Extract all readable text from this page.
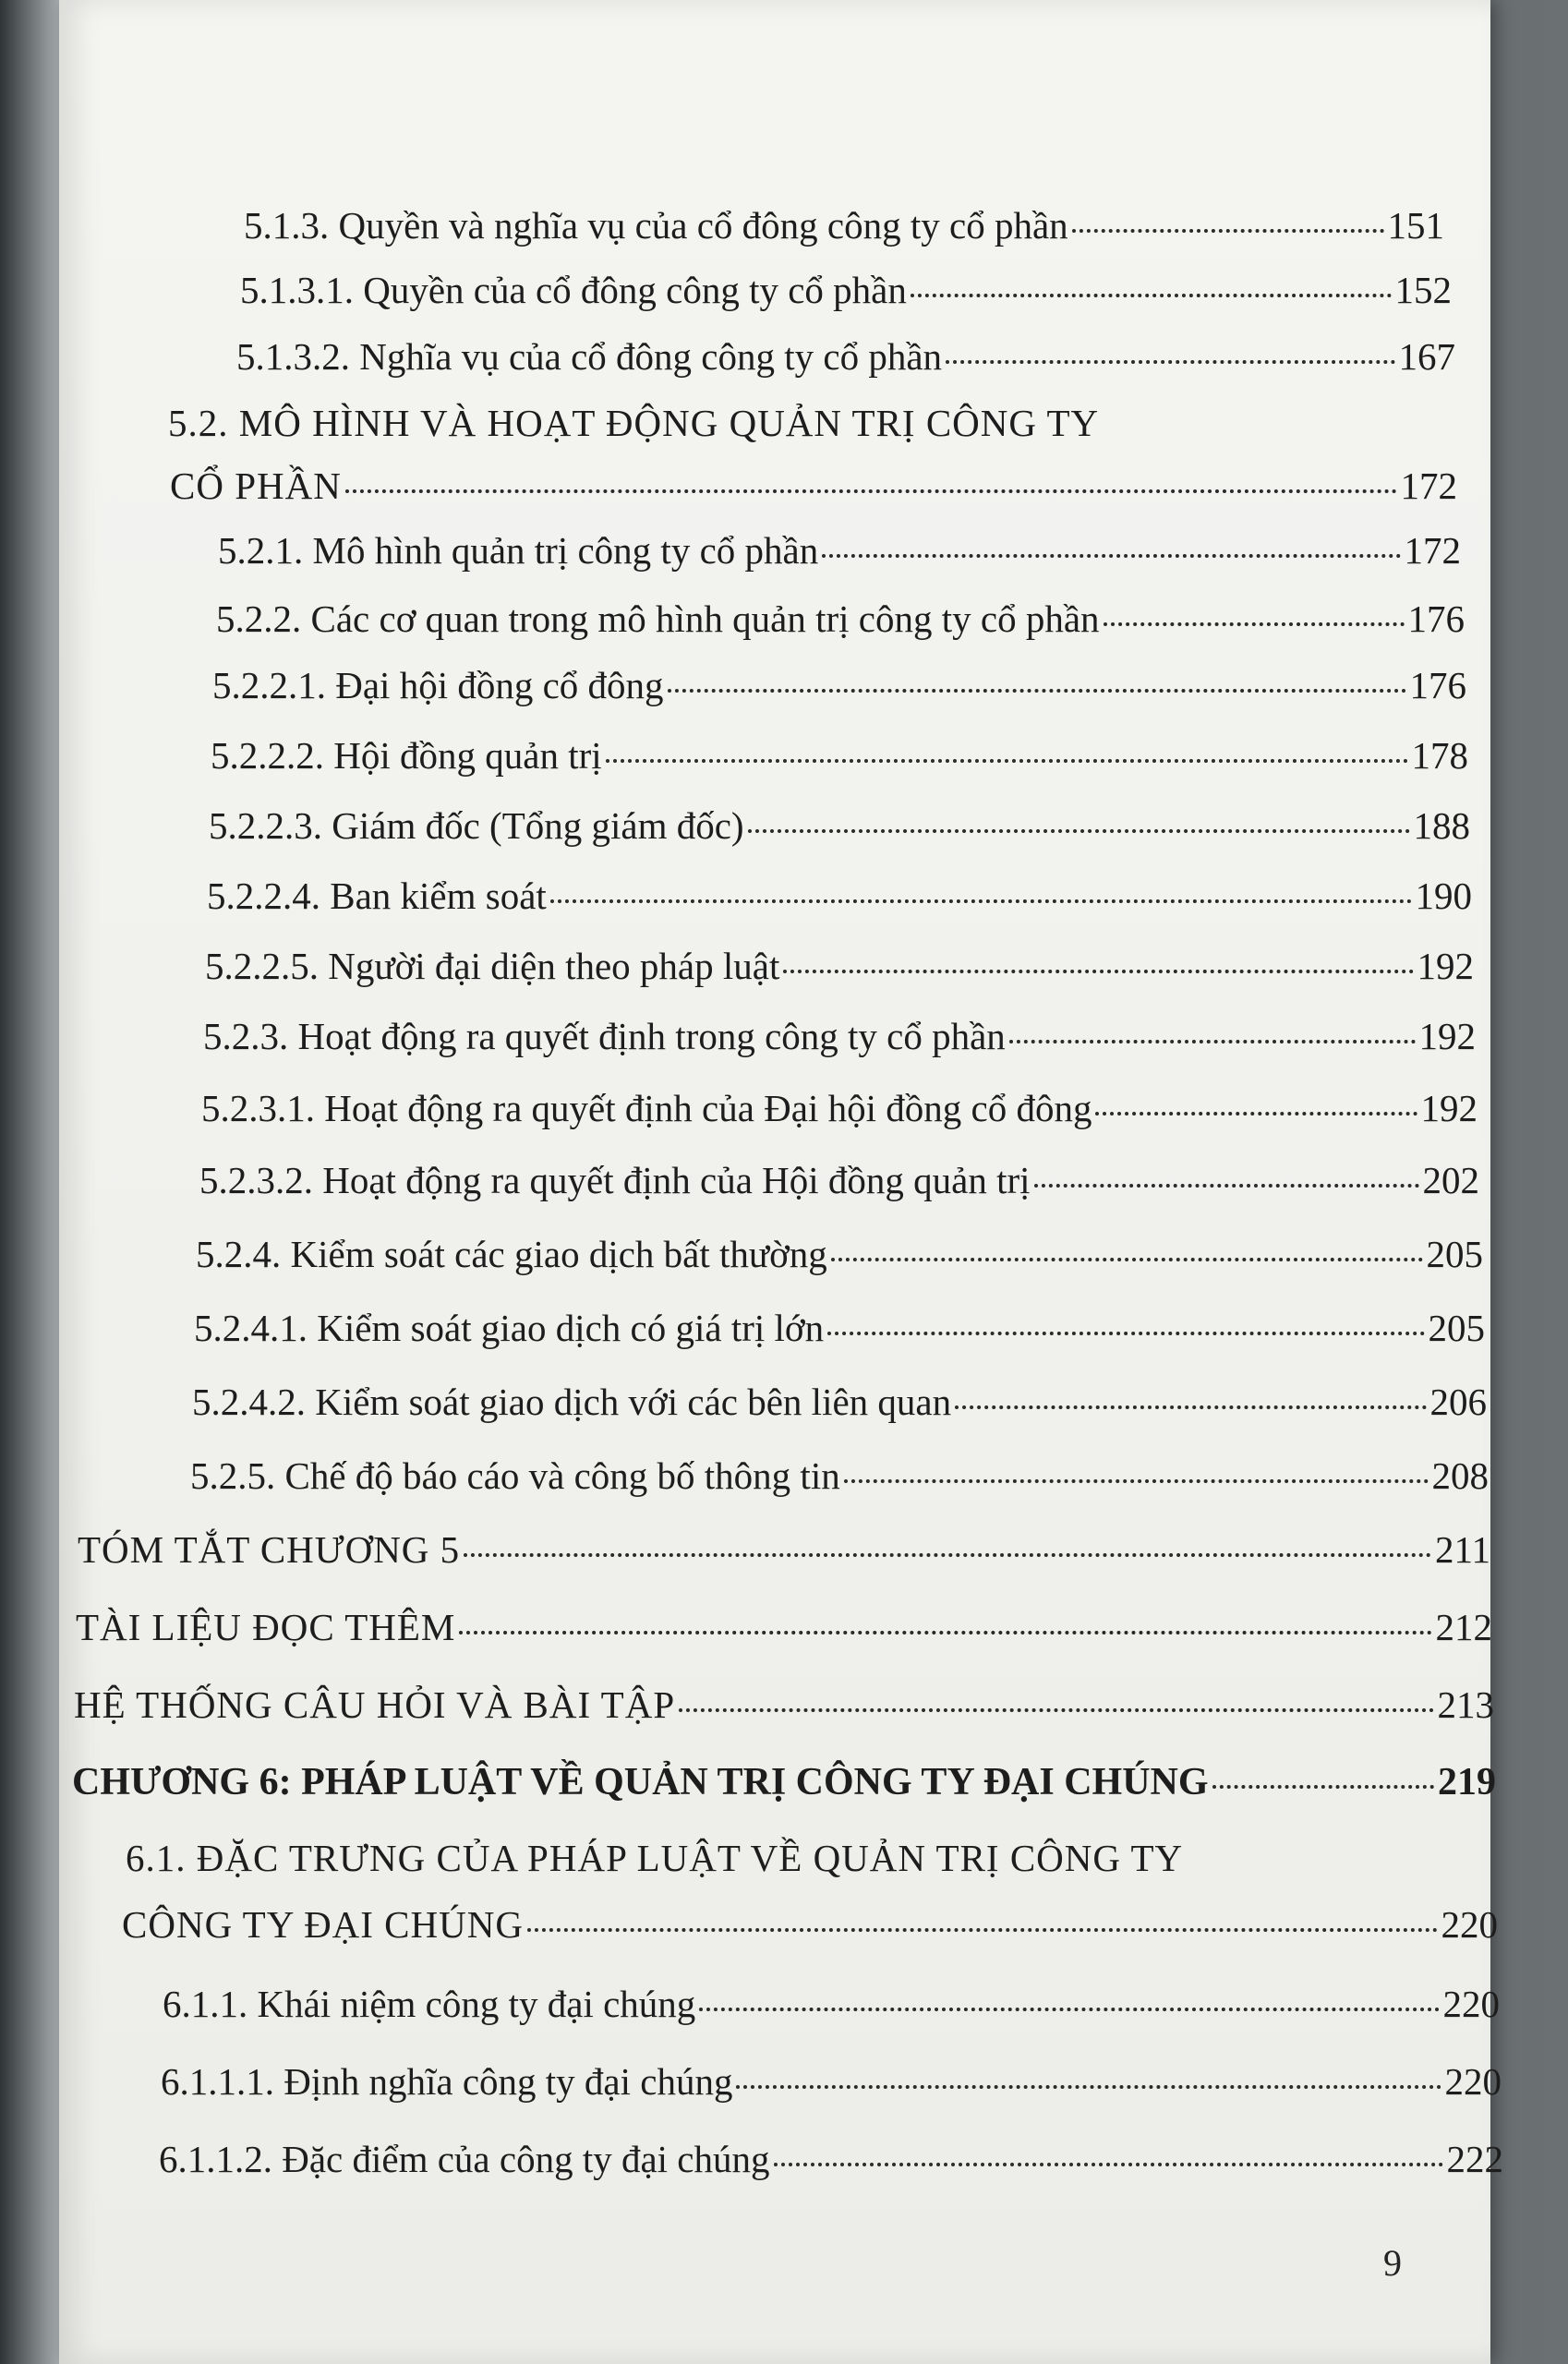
5.1.3. Quyền và nghĩa vụ của cổ đông công ty cổ phần	151
5.1.3.1. Quyền của cổ đông công ty cổ phần	152
5.1.3.2. Nghĩa vụ của cổ đông công ty cổ phần	167
5.2. MÔ HÌNH VÀ HOẠT ĐỘNG QUẢN TRỊ CÔNG TY
CỔ PHẦN	172
5.2.1. Mô hình quản trị công ty cổ phần	172
5.2.2. Các cơ quan trong mô hình quản trị công ty cổ phần	176
5.2.2.1. Đại hội đồng cổ đông	176
5.2.2.2. Hội đồng quản trị	178
5.2.2.3. Giám đốc (Tổng giám đốc)	188
5.2.2.4. Ban kiểm soát	190
5.2.2.5. Người đại diện theo pháp luật	192
5.2.3. Hoạt động ra quyết định trong công ty cổ phần	192
5.2.3.1. Hoạt động ra quyết định của Đại hội đồng cổ đông	192
5.2.3.2. Hoạt động ra quyết định của Hội đồng quản trị	202
5.2.4. Kiểm soát các giao dịch bất thường	205
5.2.4.1. Kiểm soát giao dịch có giá trị lớn	205
5.2.4.2. Kiểm soát giao dịch với các bên liên quan	206
5.2.5. Chế độ báo cáo và công bố thông tin	208
TÓM TẮT CHƯƠNG 5	211
TÀI LIỆU ĐỌC THÊM	212
HỆ THỐNG CÂU HỎI VÀ BÀI TẬP	213
CHƯƠNG 6: PHÁP LUẬT VỀ QUẢN TRỊ CÔNG TY ĐẠI CHÚNG	219
6.1. ĐẶC TRƯNG CỦA PHÁP LUẬT VỀ QUẢN TRỊ CÔNG TY
CÔNG TY ĐẠI CHÚNG	220
6.1.1. Khái niệm công ty đại chúng	220
6.1.1.1. Định nghĩa công ty đại chúng	220
6.1.1.2. Đặc điểm của công ty đại chúng	222
9
